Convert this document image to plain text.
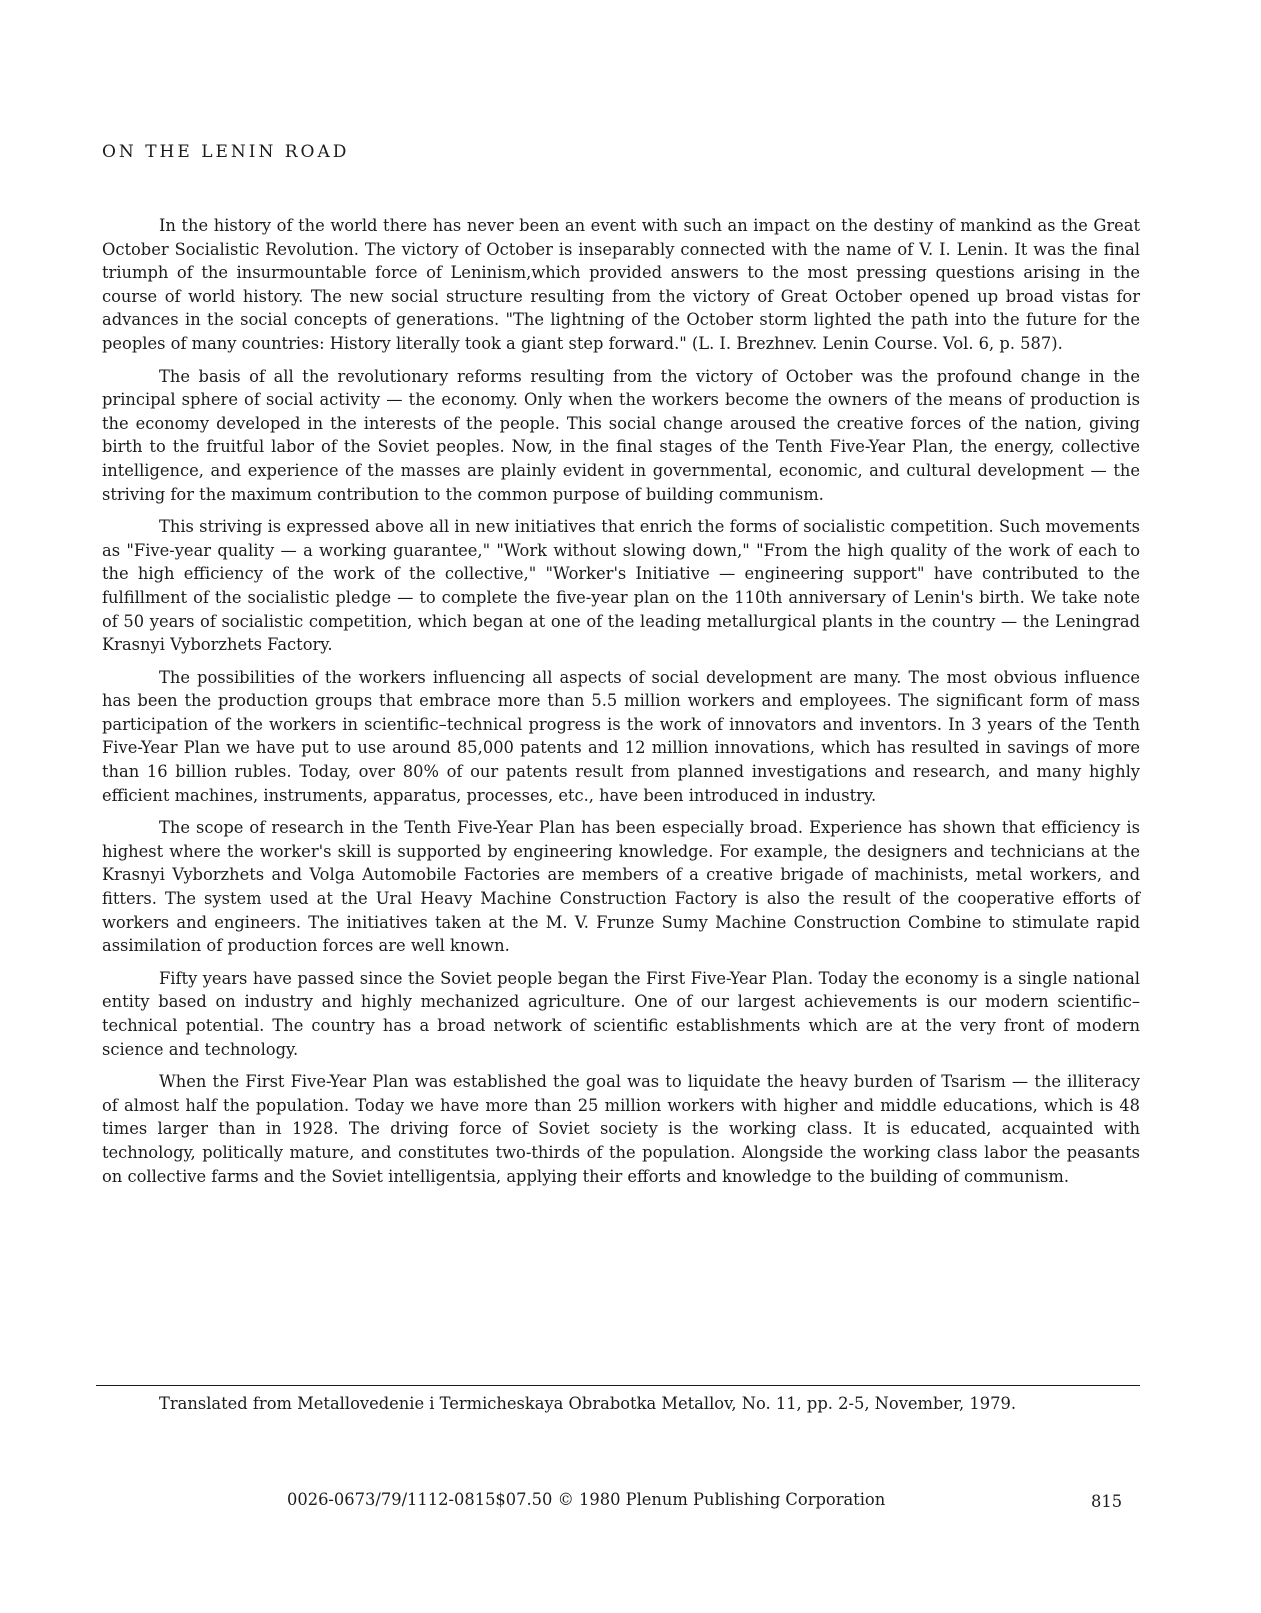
ON THE LENIN ROAD

In the history of the world there has never been an event with such an impact on the destiny of mankind as the Great October Socialistic Revolution. The victory of October is inseparably connected with the name of V. I. Lenin. It was the final triumph of the insurmountable force of Leninism,which provided answers to the most pressing questions arising in the course of world history. The new social structure resulting from the victory of Great October opened up broad vistas for advances in the social concepts of generations. "The lightning of the October storm lighted the path into the future for the peoples of many countries: History literally took a giant step forward." (L. I. Brezhnev. Lenin Course. Vol. 6, p. 587).

The basis of all the revolutionary reforms resulting from the victory of October was the profound change in the principal sphere of social activity — the economy. Only when the workers become the owners of the means of production is the economy developed in the interests of the people. This social change aroused the creative forces of the nation, giving birth to the fruitful labor of the Soviet peoples. Now, in the final stages of the Tenth Five-Year Plan, the energy, collective intelligence, and experience of the masses are plainly evident in governmental, economic, and cultural development — the striving for the maximum contribution to the common purpose of building communism.

This striving is expressed above all in new initiatives that enrich the forms of socialistic competition. Such movements as "Five-year quality — a working guarantee," "Work without slowing down," "From the high quality of the work of each to the high efficiency of the work of the collective," "Worker's Initiative — engineering support" have contributed to the fulfillment of the socialistic pledge — to complete the five-year plan on the 110th anniversary of Lenin's birth. We take note of 50 years of socialistic competition, which began at one of the leading metallurgical plants in the country — the Leningrad Krasnyi Vyborzhets Factory.

The possibilities of the workers influencing all aspects of social development are many. The most obvious influence has been the production groups that embrace more than 5.5 million workers and employees. The significant form of mass participation of the workers in scientific–technical progress is the work of innovators and inventors. In 3 years of the Tenth Five-Year Plan we have put to use around 85,000 patents and 12 million innovations, which has resulted in savings of more than 16 billion rubles. Today, over 80% of our patents result from planned investigations and research, and many highly efficient machines, instruments, apparatus, processes, etc., have been introduced in industry.

The scope of research in the Tenth Five-Year Plan has been especially broad. Experience has shown that efficiency is highest where the worker's skill is supported by engineering knowledge. For example, the designers and technicians at the Krasnyi Vyborzhets and Volga Automobile Factories are members of a creative brigade of machinists, metal workers, and fitters. The system used at the Ural Heavy Machine Construction Factory is also the result of the cooperative efforts of workers and engineers. The initiatives taken at the M. V. Frunze Sumy Machine Construction Combine to stimulate rapid assimilation of production forces are well known.

Fifty years have passed since the Soviet people began the First Five-Year Plan. Today the economy is a single national entity based on industry and highly mechanized agriculture. One of our largest achievements is our modern scientific–technical potential. The country has a broad network of scientific establishments which are at the very front of modern science and technology.

When the First Five-Year Plan was established the goal was to liquidate the heavy burden of Tsarism — the illiteracy of almost half the population. Today we have more than 25 million workers with higher and middle educations, which is 48 times larger than in 1928. The driving force of Soviet society is the working class. It is educated, acquainted with technology, politically mature, and constitutes two-thirds of the population. Alongside the working class labor the peasants on collective farms and the Soviet intelligentsia, applying their efforts and knowledge to the building of communism.

Translated from Metallovedenie i Termicheskaya Obrabotka Metallov, No. 11, pp. 2-5, November, 1979.

0026-0673/79/1112-0815$07.50 © 1980 Plenum Publishing Corporation	815
